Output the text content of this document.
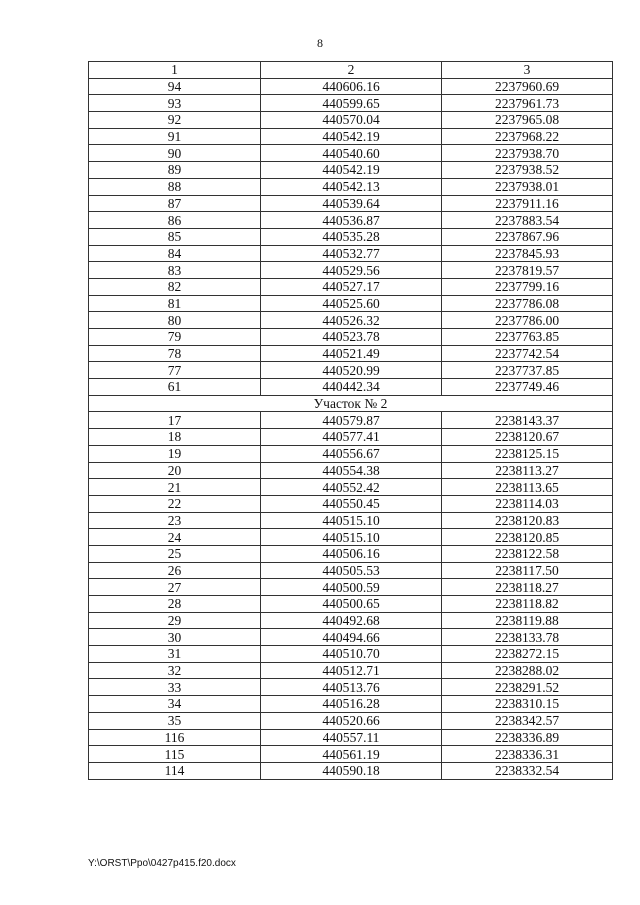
8
1	2	3
94	440606.16	2237960.69
93	440599.65	2237961.73
92	440570.04	2237965.08
91	440542.19	2237968.22
90	440540.60	2237938.70
89	440542.19	2237938.52
88	440542.13	2237938.01
87	440539.64	2237911.16
86	440536.87	2237883.54
85	440535.28	2237867.96
84	440532.77	2237845.93
83	440529.56	2237819.57
82	440527.17	2237799.16
81	440525.60	2237786.08
80	440526.32	2237786.00
79	440523.78	2237763.85
78	440521.49	2237742.54
77	440520.99	2237737.85
61	440442.34	2237749.46
Участок № 2		
17	440579.87	2238143.37
18	440577.41	2238120.67
19	440556.67	2238125.15
20	440554.38	2238113.27
21	440552.42	2238113.65
22	440550.45	2238114.03
23	440515.10	2238120.83
24	440515.10	2238120.85
25	440506.16	2238122.58
26	440505.53	2238117.50
27	440500.59	2238118.27
28	440500.65	2238118.82
29	440492.68	2238119.88
30	440494.66	2238133.78
31	440510.70	2238272.15
32	440512.71	2238288.02
33	440513.76	2238291.52
34	440516.28	2238310.15
35	440520.66	2238342.57
116	440557.11	2238336.89
115	440561.19	2238336.31
114	440590.18	2238332.54
Y:\ORST\Ppo\0427p415.f20.docx
